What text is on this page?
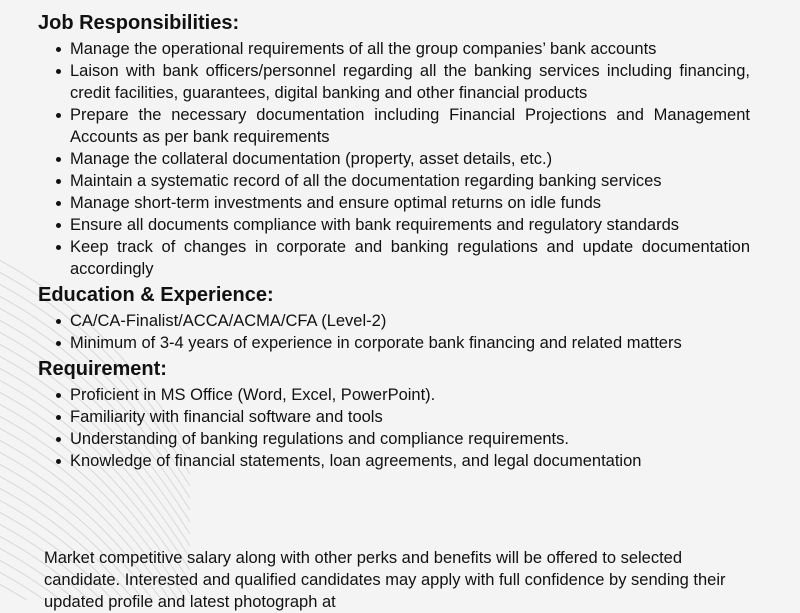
Job Responsibilities:
Manage the operational requirements of all the group companies’ bank accounts
Laison with bank officers/personnel regarding all the banking services including financing, credit facilities, guarantees, digital banking and other financial products
Prepare the necessary documentation including Financial Projections and Management Accounts as per bank requirements
Manage the collateral documentation (property, asset details, etc.)
Maintain a systematic record of all the documentation regarding banking services
Manage short-term investments and ensure optimal returns on idle funds
Ensure all documents compliance with bank requirements and regulatory standards
Keep track of changes in corporate and banking regulations and update documentation accordingly
Education & Experience:
CA/CA-Finalist/ACCA/ACMA/CFA (Level-2)
Minimum of 3-4 years of experience in corporate bank financing and related matters
Requirement:
Proficient in MS Office (Word, Excel, PowerPoint).
Familiarity with financial software and tools
Understanding of banking regulations and compliance requirements.
Knowledge of financial statements, loan agreements, and legal documentation

Market competitive salary along with other perks and benefits will be offered to selected candidate. Interested and qualified candidates may apply with full confidence by sending their updated profile and latest photograph at
